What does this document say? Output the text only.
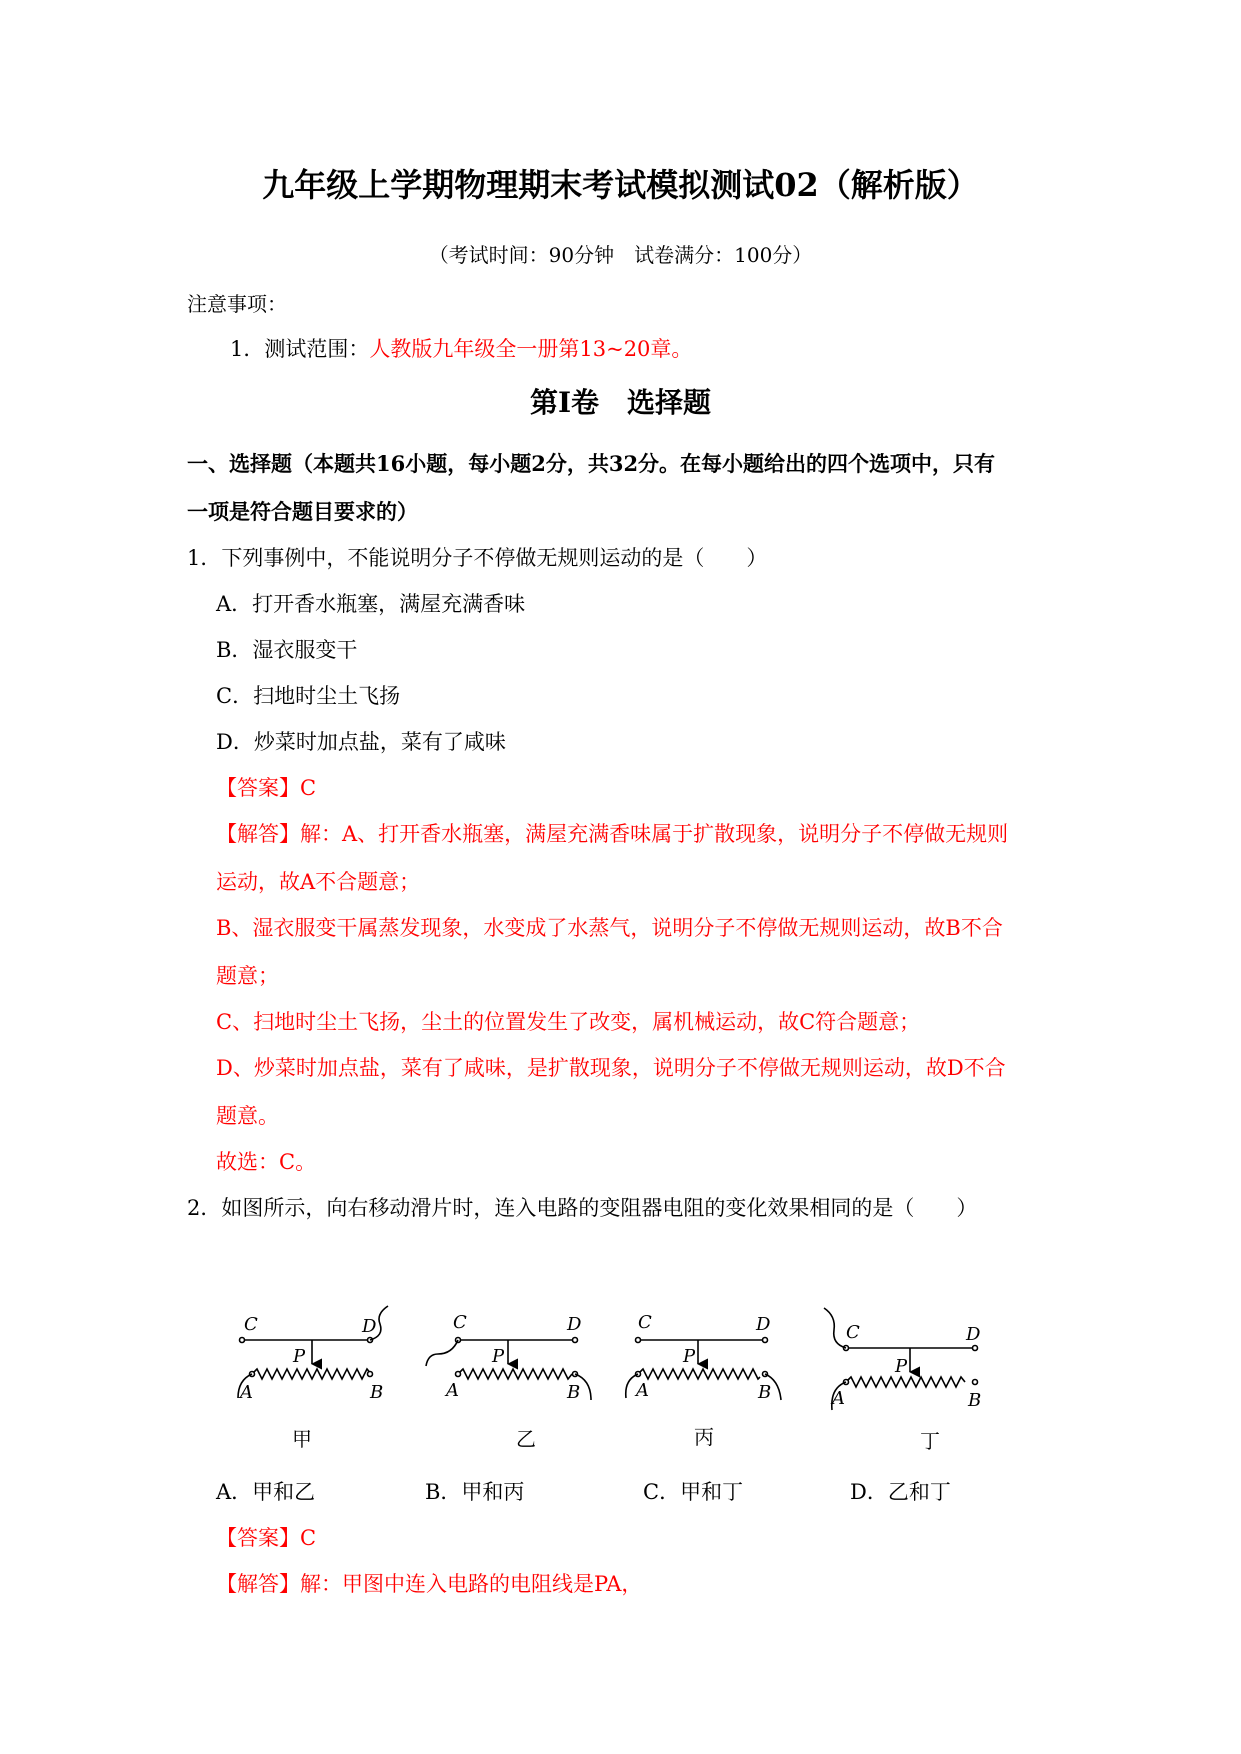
九年级上学期物理期末考试模拟测试02（解析版）
（考试时间：90分钟　试卷满分：100分）
注意事项：
1．测试范围：人教版九年级全一册第13~20章。
第Ⅰ卷　选择题
一、选择题（本题共16小题，每小题2分，共32分。在每小题给出的四个选项中，只有
一项是符合题目要求的）
1．下列事例中，不能说明分子不停做无规则运动的是（　　）
A．打开香水瓶塞，满屋充满香味
B．湿衣服变干
C．扫地时尘土飞扬
D．炒菜时加点盐，菜有了咸味
【答案】C
【解答】解：A、打开香水瓶塞，满屋充满香味属于扩散现象，说明分子不停做无规则
运动，故A不合题意；
B、湿衣服变干属蒸发现象，水变成了水蒸气，说明分子不停做无规则运动，故B不合
题意；
C、扫地时尘土飞扬，尘土的位置发生了改变，属机械运动，故C符合题意；
D、炒菜时加点盐，菜有了咸味，是扩散现象，说明分子不停做无规则运动，故D不合
题意。
故选：C。
2．如图所示，向右移动滑片时，连入电路的变阻器电阻的变化效果相同的是（　　）
C	D
P
A	B
C	D
P
A	B
C	D
P
A	B
C	D
P
A	B
甲	乙	丙	丁
A．甲和乙	B．甲和丙	C．甲和丁	D．乙和丁
【答案】C
【解答】解：甲图中连入电路的电阻线是PA，
